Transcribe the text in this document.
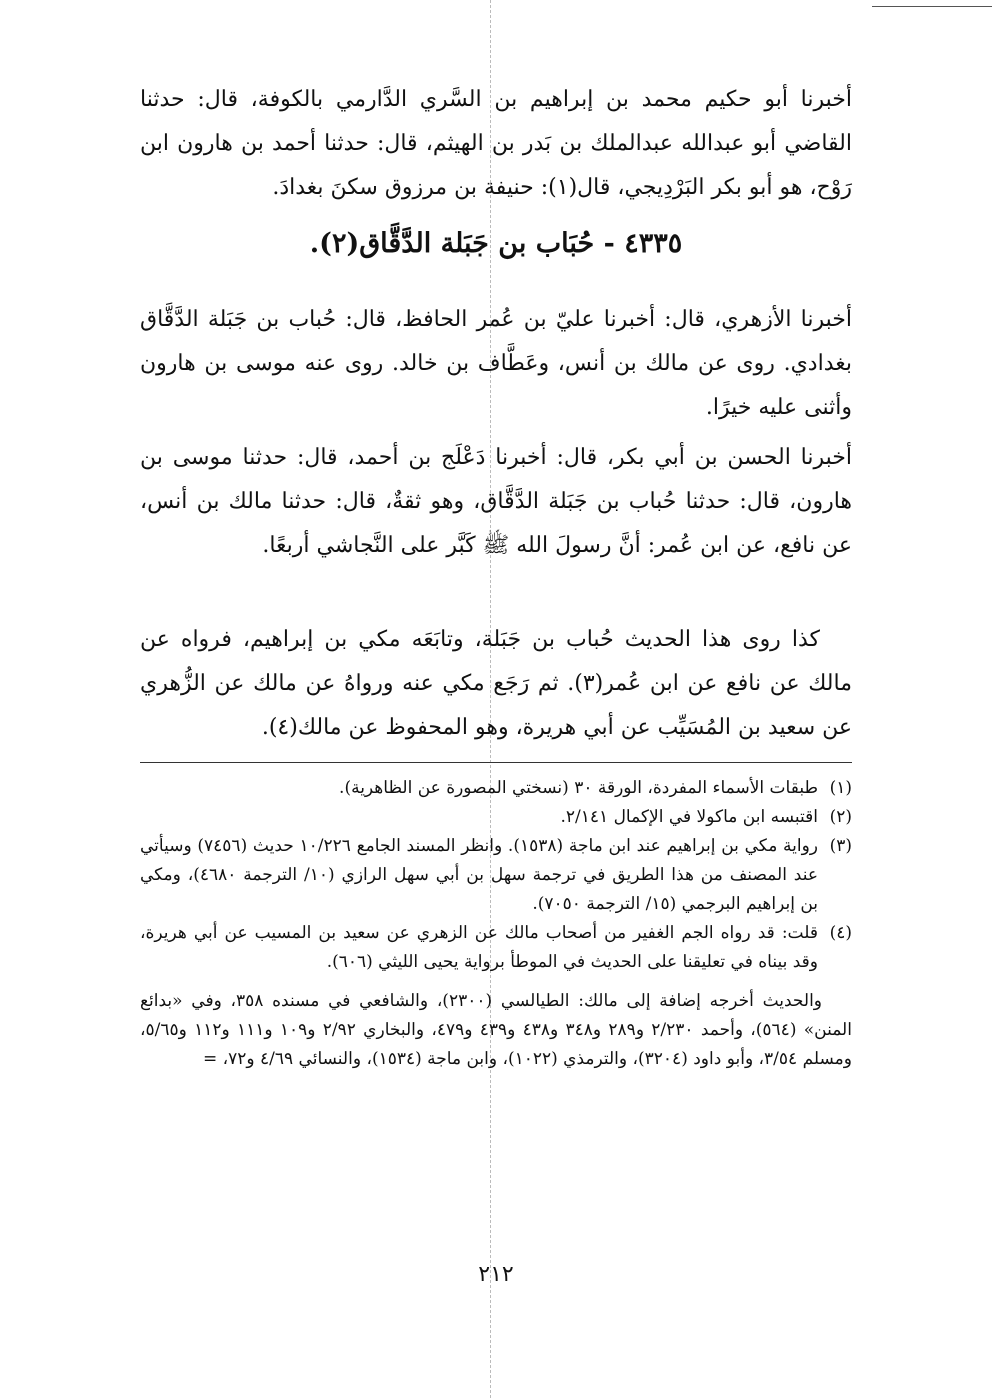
أخبرنا أبو حكيم محمد بن إبراهيم بن السَّري الدَّارمي بالكوفة، قال: حدثنا القاضي أبو عبدالله عبدالملك بن بَدر بن الهيثم، قال: حدثنا أحمد بن هارون ابن رَوْح، هو أبو بكر البَرْدِيجي، قال(١): حنيفة بن مرزوق سكنَ بغدادَ.

٤٣٣٥ - حُبَاب بن جَبَلة الدَّقَّاق(٢).

أخبرنا الأزهري، قال: أخبرنا عليّ بن عُمر الحافظ، قال: حُباب بن جَبَلة الدَّقَّاق بغدادي. روى عن مالك بن أنس، وعَطَّاف بن خالد. روى عنه موسى بن هارون وأثنى عليه خيرًا.

أخبرنا الحسن بن أبي بكر، قال: أخبرنا دَعْلَج بن أحمد، قال: حدثنا موسى بن هارون، قال: حدثنا حُباب بن جَبَلة الدَّقَّاق، وهو ثقةٌ، قال: حدثنا مالك بن أنس، عن نافع، عن ابن عُمر: أنَّ رسولَ الله ﷺ كَبَّر على النَّجاشي أربعًا.

كذا روى هذا الحديث حُباب بن جَبَلة، وتابَعَه مكي بن إبراهيم، فرواه عن مالك عن نافع عن ابن عُمر(٣). ثم رَجَع مكي عنه ورواهُ عن مالك عن الزُّهري عن سعيد بن المُسَيِّب عن أبي هريرة، وهو المحفوظ عن مالك(٤).

(١)
طبقات الأسماء المفردة، الورقة ٣٠ (نسختي المصورة عن الظاهرية).
(٢)
اقتبسه ابن ماكولا في الإكمال ٢/١٤١.
(٣)
رواية مكي بن إبراهيم عند ابن ماجة (١٥٣٨). وانظر المسند الجامع ١٠/٢٢٦ حديث (٧٤٥٦) وسيأتي عند المصنف من هذا الطريق في ترجمة سهل بن أبي سهل الرازي (١٠/ الترجمة ٤٦٨٠)، ومكي بن إبراهيم البرجمي (١٥/ الترجمة ٧٠٥٠).
(٤)
قلت: قد رواه الجم الغفير من أصحاب مالك عن الزهري عن سعيد بن المسيب عن أبي هريرة، وقد بيناه في تعليقنا على الحديث في الموطأ برواية يحيى الليثي (٦٠٦).
والحديث أخرجه إضافة إلى مالك: الطيالسي (٢٣٠٠)، والشافعي في مسنده ٣٥٨، وفي «بدائع المنن» (٥٦٤)، وأحمد ٢/٢٣٠ و٢٨٩ و٣٤٨ و٤٣٨ و٤٣٩ و٤٧٩، والبخاري ٢/٩٢ و١٠٩ و١١١ و١١٢ و٥/٦٥، ومسلم ٣/٥٤، وأبو داود (٣٢٠٤)، والترمذي (١٠٢٢)، وابن ماجة (١٥٣٤)، والنسائي ٤/٦٩ و٧٢، =
٢١٢
